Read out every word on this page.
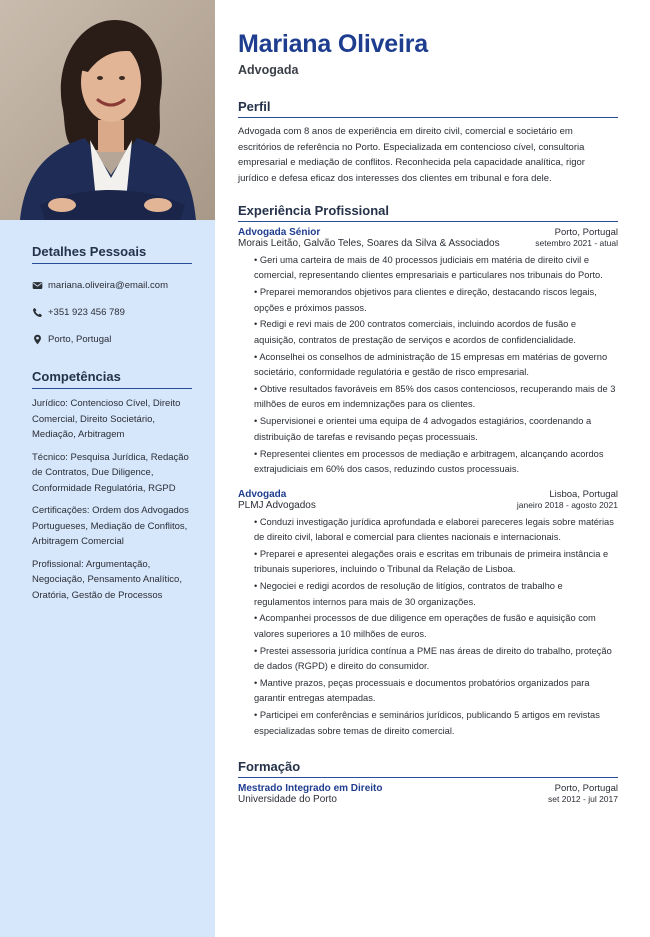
Detalhes Pessoais
mariana.oliveira@email.com
+351 923 456 789
Porto, Portugal
Competências
Jurídico: Contencioso Cível, Direito Comercial, Direito Societário, Mediação, Arbitragem
Técnico: Pesquisa Jurídica, Redação de Contratos, Due Diligence, Conformidade Regulatória, RGPD
Certificações: Ordem dos Advogados Portugueses, Mediação de Conflitos, Arbitragem Comercial
Profissional: Argumentação, Negociação, Pensamento Analítico, Oratória, Gestão de Processos
Mariana Oliveira
Advogada
Perfil

Advogada com 8 anos de experiência em direito civil, comercial e societário em escritórios de referência no Porto. Especializada em contencioso cível, consultoria empresarial e mediação de conflitos. Reconhecida pela capacidade analítica, rigor jurídico e defesa eficaz dos interesses dos clientes em tribunal e fora dele.

Experiência Profissional
Advogada Sénior	Porto, Portugal
Morais Leitão, Galvão Teles, Soares da Silva & Associados	setembro 2021 - atual
• Geri uma carteira de mais de 40 processos judiciais em matéria de direito civil e comercial, representando clientes empresariais e particulares nos tribunais do Porto.
• Preparei memorandos objetivos para clientes e direção, destacando riscos legais, opções e próximos passos.
• Redigi e revi mais de 200 contratos comerciais, incluindo acordos de fusão e aquisição, contratos de prestação de serviços e acordos de confidencialidade.
• Aconselhei os conselhos de administração de 15 empresas em matérias de governo societário, conformidade regulatória e gestão de risco empresarial.
• Obtive resultados favoráveis em 85% dos casos contenciosos, recuperando mais de 3 milhões de euros em indemnizações para os clientes.
• Supervisionei e orientei uma equipa de 4 advogados estagiários, coordenando a distribuição de tarefas e revisando peças processuais.
• Representei clientes em processos de mediação e arbitragem, alcançando acordos extrajudiciais em 60% dos casos, reduzindo custos processuais.
Advogada	Lisboa, Portugal
PLMJ Advogados	janeiro 2018 - agosto 2021
• Conduzi investigação jurídica aprofundada e elaborei pareceres legais sobre matérias de direito civil, laboral e comercial para clientes nacionais e internacionais.
• Preparei e apresentei alegações orais e escritas em tribunais de primeira instância e tribunais superiores, incluindo o Tribunal da Relação de Lisboa.
• Negociei e redigi acordos de resolução de litígios, contratos de trabalho e regulamentos internos para mais de 30 organizações.
• Acompanhei processos de due diligence em operações de fusão e aquisição com valores superiores a 10 milhões de euros.
• Prestei assessoria jurídica contínua a PME nas áreas de direito do trabalho, proteção de dados (RGPD) e direito do consumidor.
• Mantive prazos, peças processuais e documentos probatórios organizados para garantir entregas atempadas.
• Participei em conferências e seminários jurídicos, publicando 5 artigos em revistas especializadas sobre temas de direito comercial.
Formação
Mestrado Integrado em Direito	Porto, Portugal
Universidade do Porto	set 2012 - jul 2017
